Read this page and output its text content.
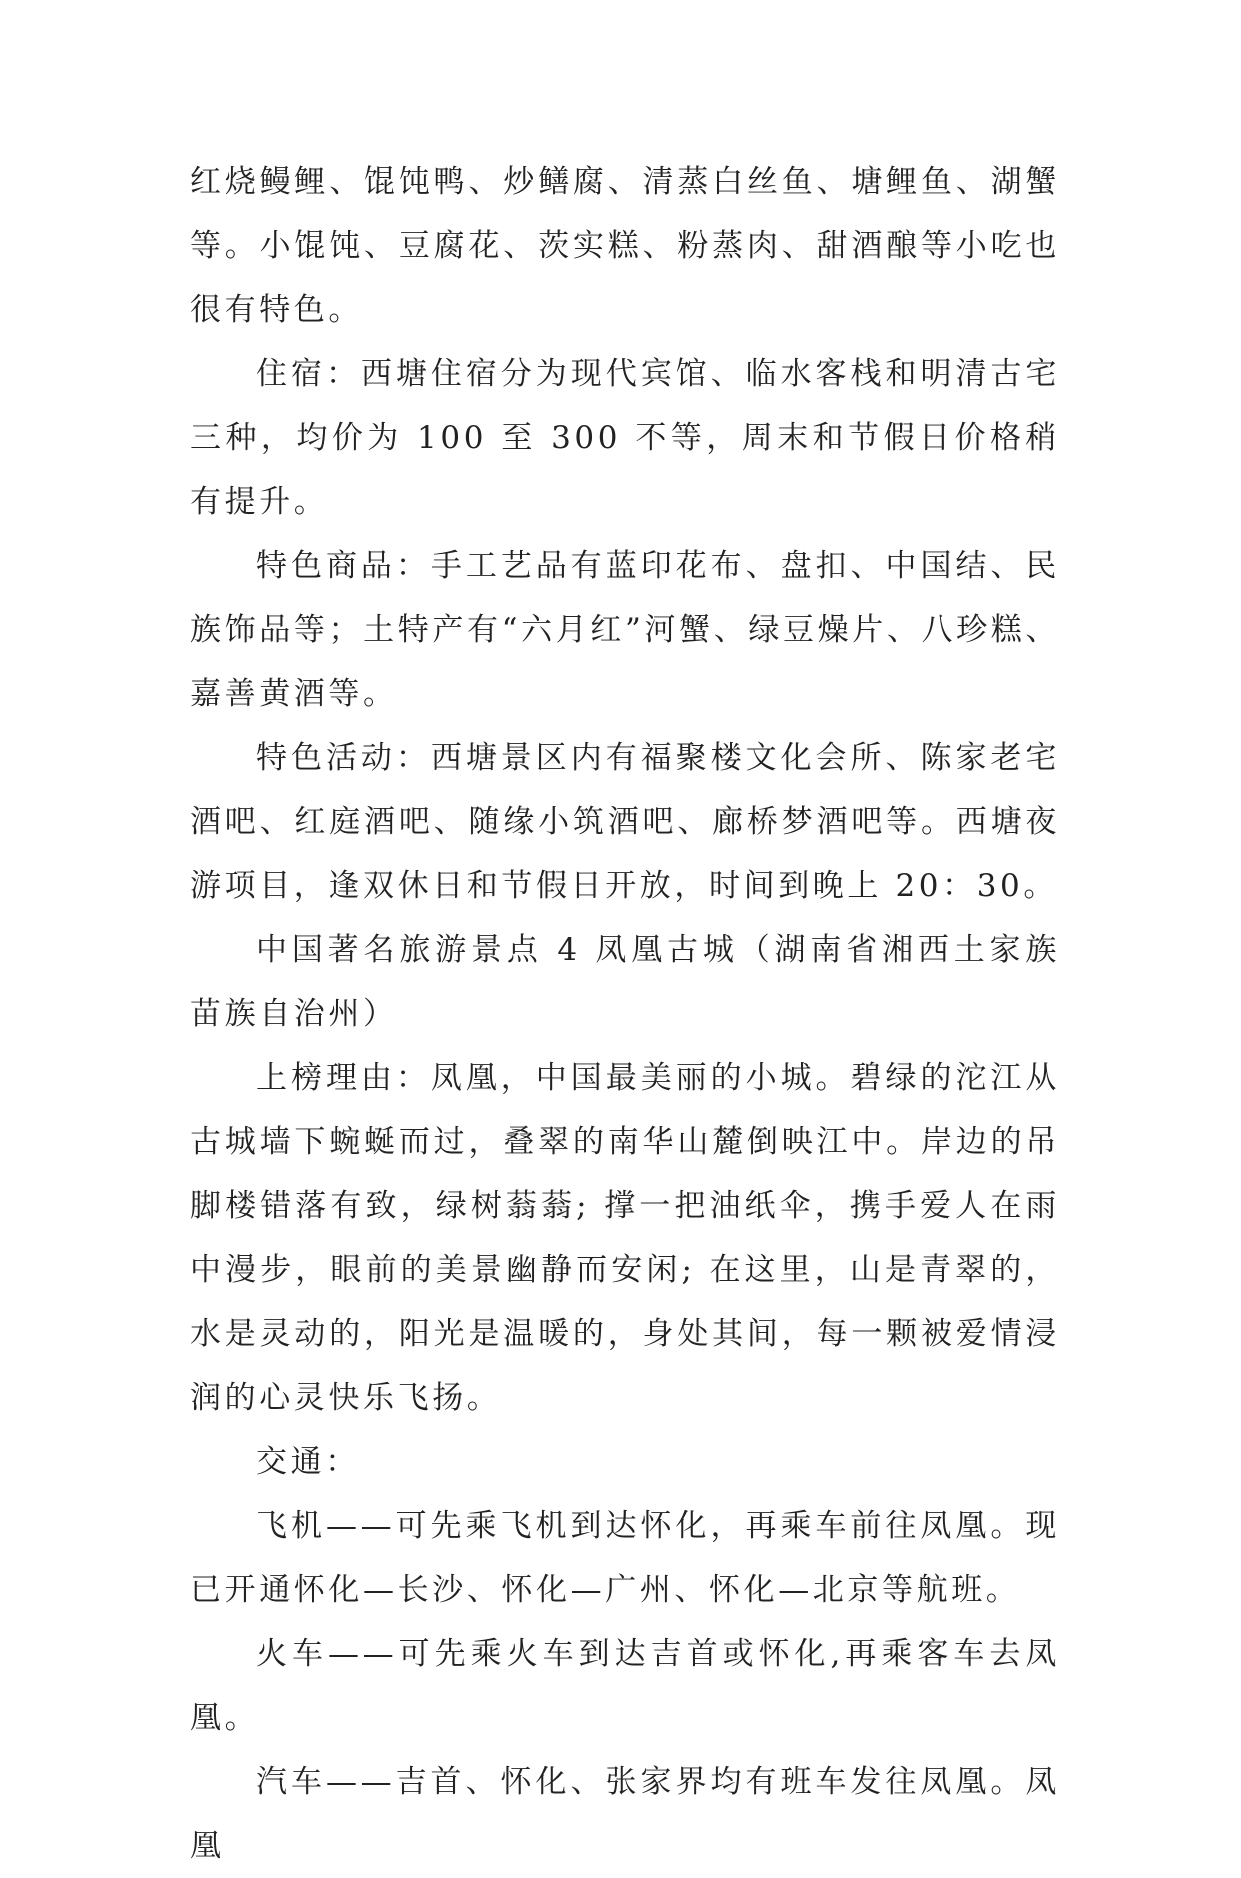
红烧鳗鲤、馄饨鸭、炒鳝腐、清蒸白丝鱼、塘鲤鱼、湖蟹等。小馄饨、豆腐花、茨实糕、粉蒸肉、甜酒酿等小吃也很有特色。

住宿：西塘住宿分为现代宾馆、临水客栈和明清古宅三种，均价为 100 至 300 不等，周末和节假日价格稍有提升。

特色商品：手工艺品有蓝印花布、盘扣、中国结、民族饰品等；土特产有“六月红”河蟹、绿豆燥片、八珍糕、嘉善黄酒等。

特色活动：西塘景区内有福聚楼文化会所、陈家老宅酒吧、红庭酒吧、随缘小筑酒吧、廊桥梦酒吧等。西塘夜游项目，逢双休日和节假日开放，时间到晚上 20：30。

中国著名旅游景点 4 凤凰古城（湖南省湘西土家族苗族自治州）

上榜理由：凤凰，中国最美丽的小城。碧绿的沱江从古城墙下蜿蜒而过，叠翠的南华山麓倒映江中。岸边的吊脚楼错落有致，绿树蓊蓊; 撑一把油纸伞，携手爱人在雨中漫步，眼前的美景幽静而安闲; 在这里，山是青翠的，水是灵动的，阳光是温暖的，身处其间，每一颗被爱情浸润的心灵快乐飞扬。

交通：

飞机——可先乘飞机到达怀化，再乘车前往凤凰。现已开通怀化—长沙、怀化—广州、怀化—北京等航班。

火车——可先乘火车到达吉首或怀化,再乘客车去凤凰。

汽车——吉首、怀化、张家界均有班车发往凤凰。凤凰
